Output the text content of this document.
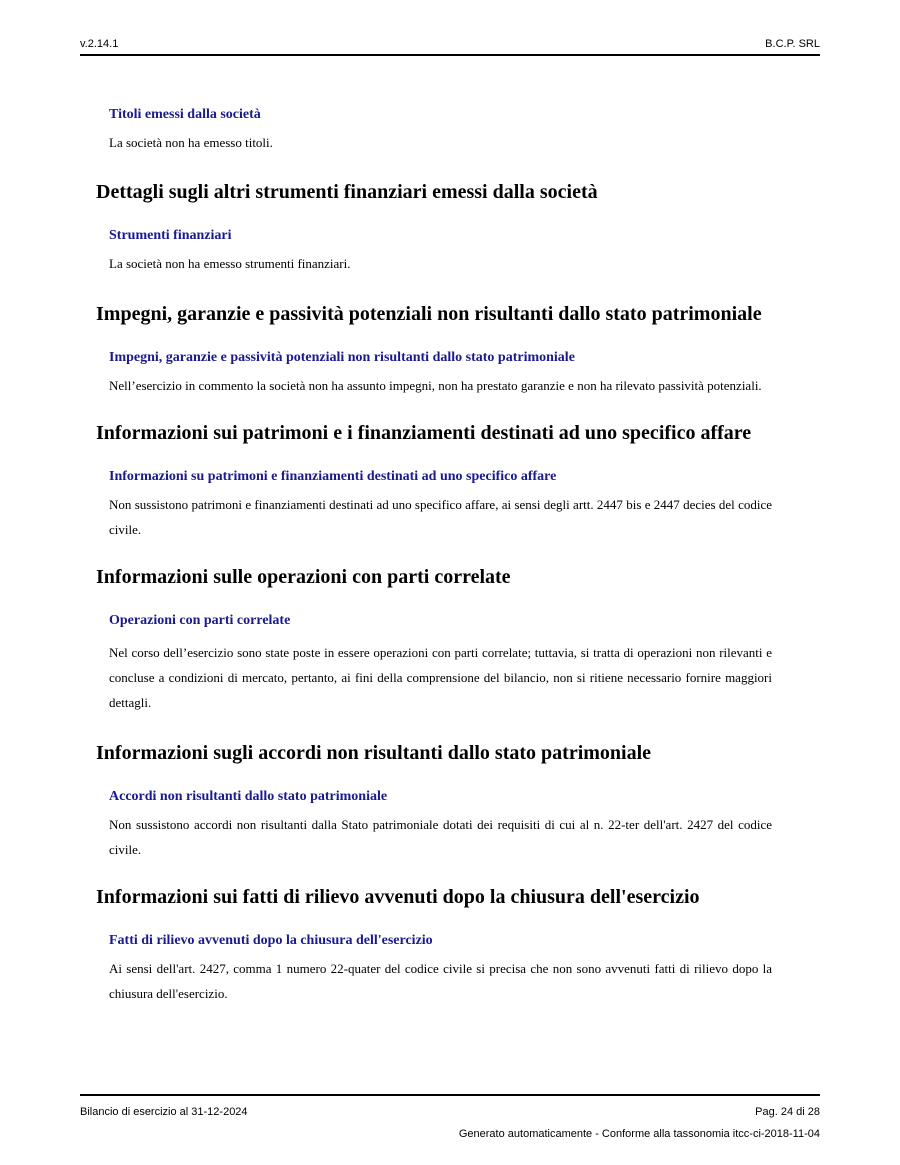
v.2.14.1	B.C.P. SRL
Titoli emessi dalla società

La società non ha emesso titoli.

Dettagli sugli altri strumenti finanziari emessi dalla società
Strumenti finanziari

La società non ha emesso strumenti finanziari.

Impegni, garanzie e passività potenziali non risultanti dallo stato patrimoniale
Impegni, garanzie e passività potenziali non risultanti dallo stato patrimoniale

Nell’esercizio in commento la società non ha assunto impegni, non ha prestato garanzie e non ha rilevato passività potenziali.

Informazioni sui patrimoni e i finanziamenti destinati ad uno specifico affare
Informazioni su patrimoni e finanziamenti destinati ad uno specifico affare

Non sussistono patrimoni e finanziamenti destinati ad uno specifico affare, ai sensi degli artt. 2447 bis e 2447 decies del codice civile.

Informazioni sulle operazioni con parti correlate
Operazioni con parti correlate

Nel corso dell’esercizio sono state poste in essere operazioni con parti correlate; tuttavia, si tratta di operazioni non rilevanti e concluse a condizioni di mercato, pertanto, ai fini della comprensione del bilancio, non si ritiene necessario fornire maggiori dettagli.

Informazioni sugli accordi non risultanti dallo stato patrimoniale
Accordi non risultanti dallo stato patrimoniale

Non sussistono accordi non risultanti dalla Stato patrimoniale dotati dei requisiti di cui al n. 22-ter dell'art. 2427 del codice civile.

Informazioni sui fatti di rilievo avvenuti dopo la chiusura dell'esercizio
Fatti di rilievo avvenuti dopo la chiusura dell'esercizio

Ai sensi dell'art. 2427, comma 1 numero 22-quater del codice civile si precisa che non sono avvenuti fatti di rilievo dopo la chiusura dell'esercizio.

Bilancio di esercizio al 31-12-2024	Pag. 24 di 28
Generato automaticamente - Conforme alla tassonomia itcc-ci-2018-11-04
